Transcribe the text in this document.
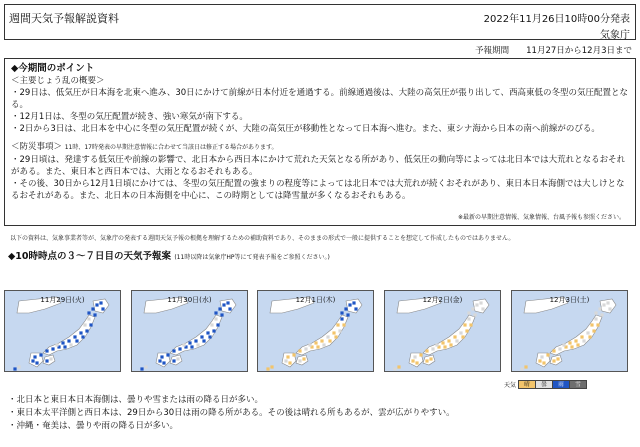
週間天気予報解説資料	2022年11月26日10時00分発表
気象庁
予報期間　　11月27日から12月3日まで
◆今期間のポイント
＜主要じょう乱の概要＞
・29日は、低気圧が日本海を北東へ進み、30日にかけて前線が日本付近を通過する。前線通過後は、大陸の高気圧が張り出して、西高東低の冬型の気圧配置となる。
・12月1日は、冬型の気圧配置が続き、強い寒気が南下する。
・2日から3日は、北日本を中心に冬型の気圧配置が続くが、大陸の高気圧が移動性となって日本海へ進む。また、東シナ海から日本の南へ前線がのびる。
＜防災事項＞ 11時、17時発表の早期注意情報に合わせて当該日は修正する場合があります。
・29日頃は、発達する低気圧や前線の影響で、北日本から西日本にかけて荒れた天気となる所があり、低気圧の動向等によっては北日本では大荒れとなるおそれがある。また、東日本と西日本では、大雨となるおそれもある。
・その後、30日から12月1日頃にかけては、冬型の気圧配置の強まりの程度等によっては北日本では大荒れが続くおそれがあり、東日本日本海側では大しけとなるおそれがある。また、北日本の日本海側を中心に、この時期としては降雪量が多くなるおそれもある。
※最新の早期注意情報、気象情報、台風予報も参照ください。
以下の資料は、気象事業者等が、気象庁の発表する週間天気予報の根拠を理解するための補助資料であり、そのままの形式で一般に提供することを想定して作成したものではありません。
◆10時時点の３～７日目の天気予報案 (11時以降は気象庁HP等にて発表予報をご参照ください。)
11月29日(火)	11月30日(水)	12月1日(木)	12月2日(金)	12月3日(土)
天気	晴	曇	雨	雪
・北日本と東日本日本海側は、曇りや雪または雨の降る日が多い。
・東日本太平洋側と西日本は、29日から30日は雨の降る所がある。その後は晴れる所もあるが、雲が広がりやすい。
・沖縄・奄美は、曇りや雨の降る日が多い。
